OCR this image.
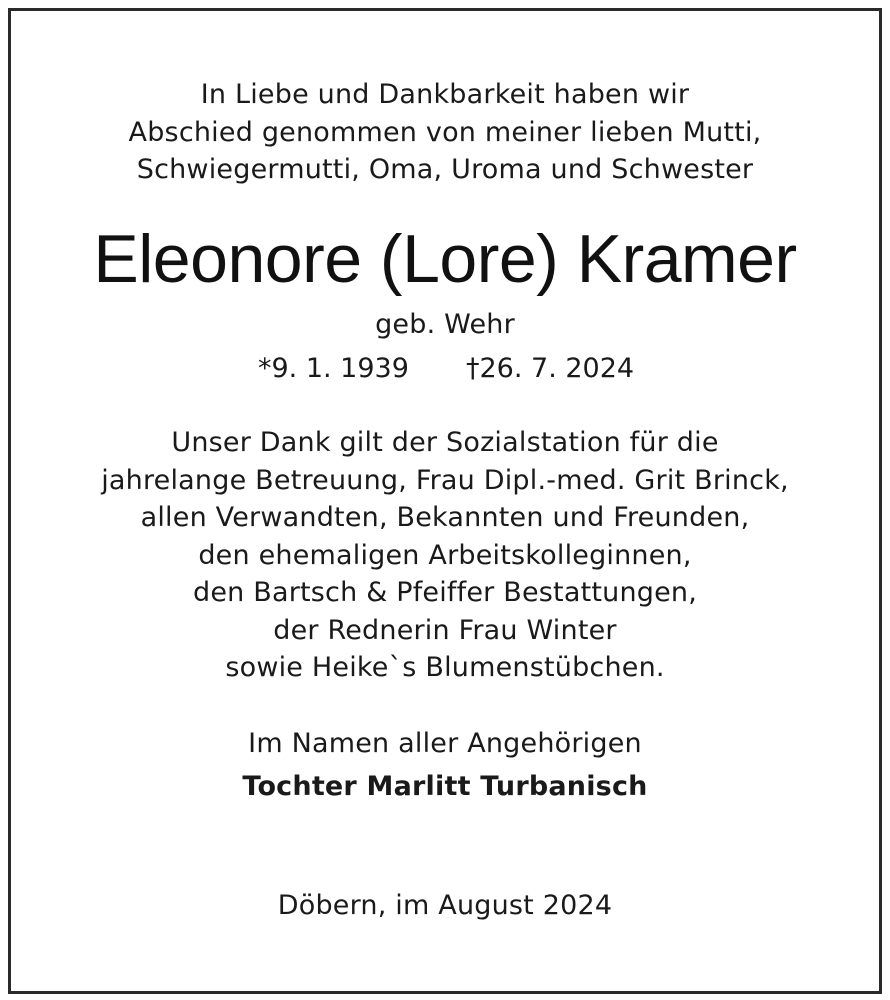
In Liebe und Dankbarkeit haben wir
Abschied genommen von meiner lieben Mutti,
Schwiegermutti, Oma, Uroma und Schwester
Eleonore (Lore) Kramer
geb. Wehr
*9. 1. 1939 †26. 7. 2024
Unser Dank gilt der Sozialstation für die
jahrelange Betreuung, Frau Dipl.-med. Grit Brinck,
allen Verwandten, Bekannten und Freunden,
den ehemaligen Arbeitskolleginnen,
den Bartsch & Pfeiffer Bestattungen,
der Rednerin Frau Winter
sowie Heike`s Blumenstübchen.
Im Namen aller Angehörigen
Tochter Marlitt Turbanisch
Döbern, im August 2024
